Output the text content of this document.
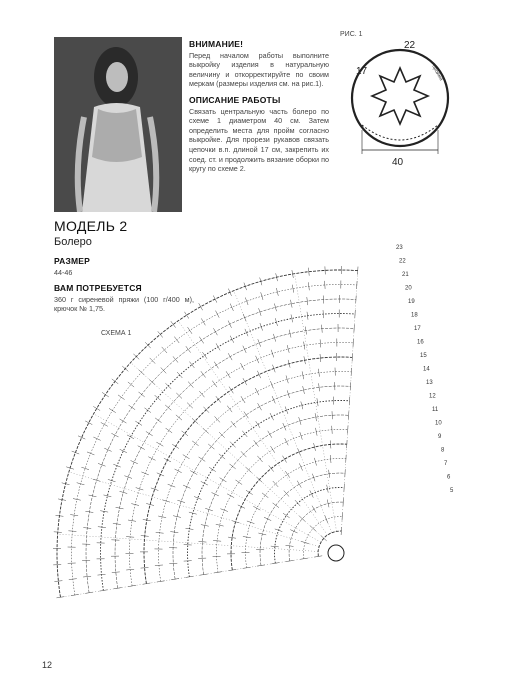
ВНИМАНИЕ!
Перед началом работы выполните выкройку изделия в натуральную величину и откорректируйте по своим меркам (размеры изделия см. на рис.1).
ОПИСАНИЕ РАБОТЫ
Связать центральную часть болеро по схеме 1 диаметром 40 см. Затем определить места для пройм согласно выкройке. Для прорези рукавов связать цепочки в.п. длиной 17 см, закрепить их соед. ст. и продолжить вязание оборки по кругу по схеме 2.
РИС. 1
22
17
40
пройма
МОДЕЛЬ 2
Болеро
РАЗМЕР
44-46
ВАМ ПОТРЕБУЕТСЯ
360 г сиреневой пряжи (100 г/400 м), крючок № 1,75.
СХЕМА 1
23
22
21
20
19
18
17
16
15
14
13
12
11
10
9
8
7
6
5
12
